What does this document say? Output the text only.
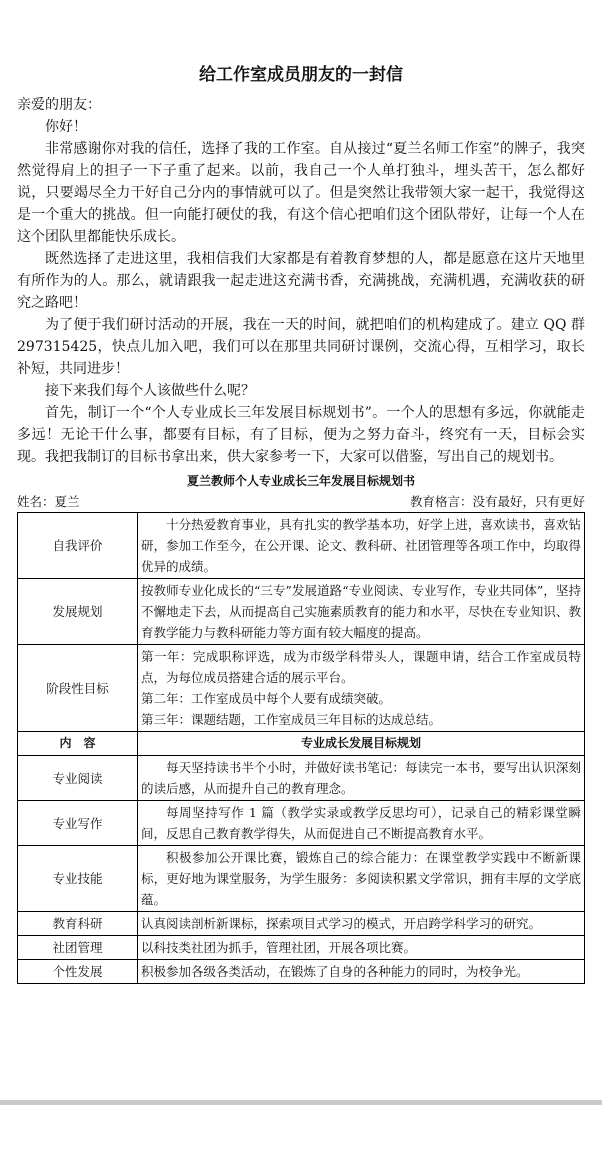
给工作室成员朋友的一封信

亲爱的朋友：

你好！

非常感谢你对我的信任，选择了我的工作室。自从接过“夏兰名师工作室”的牌子，我突然觉得肩上的担子一下子重了起来。以前，我自己一个人单打独斗，埋头苦干，怎么都好说，只要竭尽全力干好自己分内的事情就可以了。但是突然让我带领大家一起干，我觉得这是一个重大的挑战。但一向能打硬仗的我，有这个信心把咱们这个团队带好，让每一个人在这个团队里都能快乐成长。

既然选择了走进这里，我相信我们大家都是有着教育梦想的人，都是愿意在这片天地里有所作为的人。那么，就请跟我一起走进这充满书香，充满挑战，充满机遇，充满收获的研究之路吧！

为了便于我们研讨活动的开展，我在一天的时间，就把咱们的机构建成了。建立 QQ 群 297315425，快点儿加入吧，我们可以在那里共同研讨课例，交流心得，互相学习，取长补短，共同进步！

接下来我们每个人该做些什么呢？

首先，制订一个“个人专业成长三年发展目标规划书”。一个人的思想有多远，你就能走多远！无论干什么事，都要有目标，有了目标，便为之努力奋斗，终究有一天，目标会实现。我把我制订的目标书拿出来，供大家参考一下，大家可以借鉴，写出自己的规划书。

夏兰教师个人专业成长三年发展目标规划书
姓名：夏兰	教育格言：没有最好，只有更好
自我评价	十分热爱教育事业，具有扎实的教学基本功，好学上进，喜欢读书，喜欢钻研，参加工作至今，在公开课、论文、教科研、社团管理等各项工作中，均取得优异的成绩。
发展规划	按教师专业化成长的“三专”发展道路“专业阅读、专业写作，专业共同体”，坚持不懈地走下去，从而提高自己实施素质教育的能力和水平，尽快在专业知识、教育教学能力与教科研能力等方面有较大幅度的提高。
阶段性目标	第一年：完成职称评选，成为市级学科带头人，课题申请，结合工作室成员特点，为每位成员搭建合适的展示平台。
第二年：工作室成员中每个人要有成绩突破。
第三年：课题结题，工作室成员三年目标的达成总结。

内　容	专业成长发展目标规划
专业阅读	每天坚持读书半个小时，并做好读书笔记：每读完一本书，要写出认识深刻的读后感，从而提升自己的教育理念。
专业写作	每周坚持写作 1 篇（教学实录或教学反思均可），记录自己的精彩课堂瞬间，反思自己教育教学得失，从而促进自己不断提高教育水平。
专业技能	积极参加公开课比赛，锻炼自己的综合能力：在课堂教学实践中不断新课标，更好地为课堂服务，为学生服务：多阅读积累文学常识，拥有丰厚的文学底蕴。
教育科研	认真阅读剖析新课标，探索项目式学习的模式，开启跨学科学习的研究。
社团管理	以科技类社团为抓手，管理社团，开展各项比赛。
个性发展	积极参加各级各类活动，在锻炼了自身的各种能力的同时，为校争光。
